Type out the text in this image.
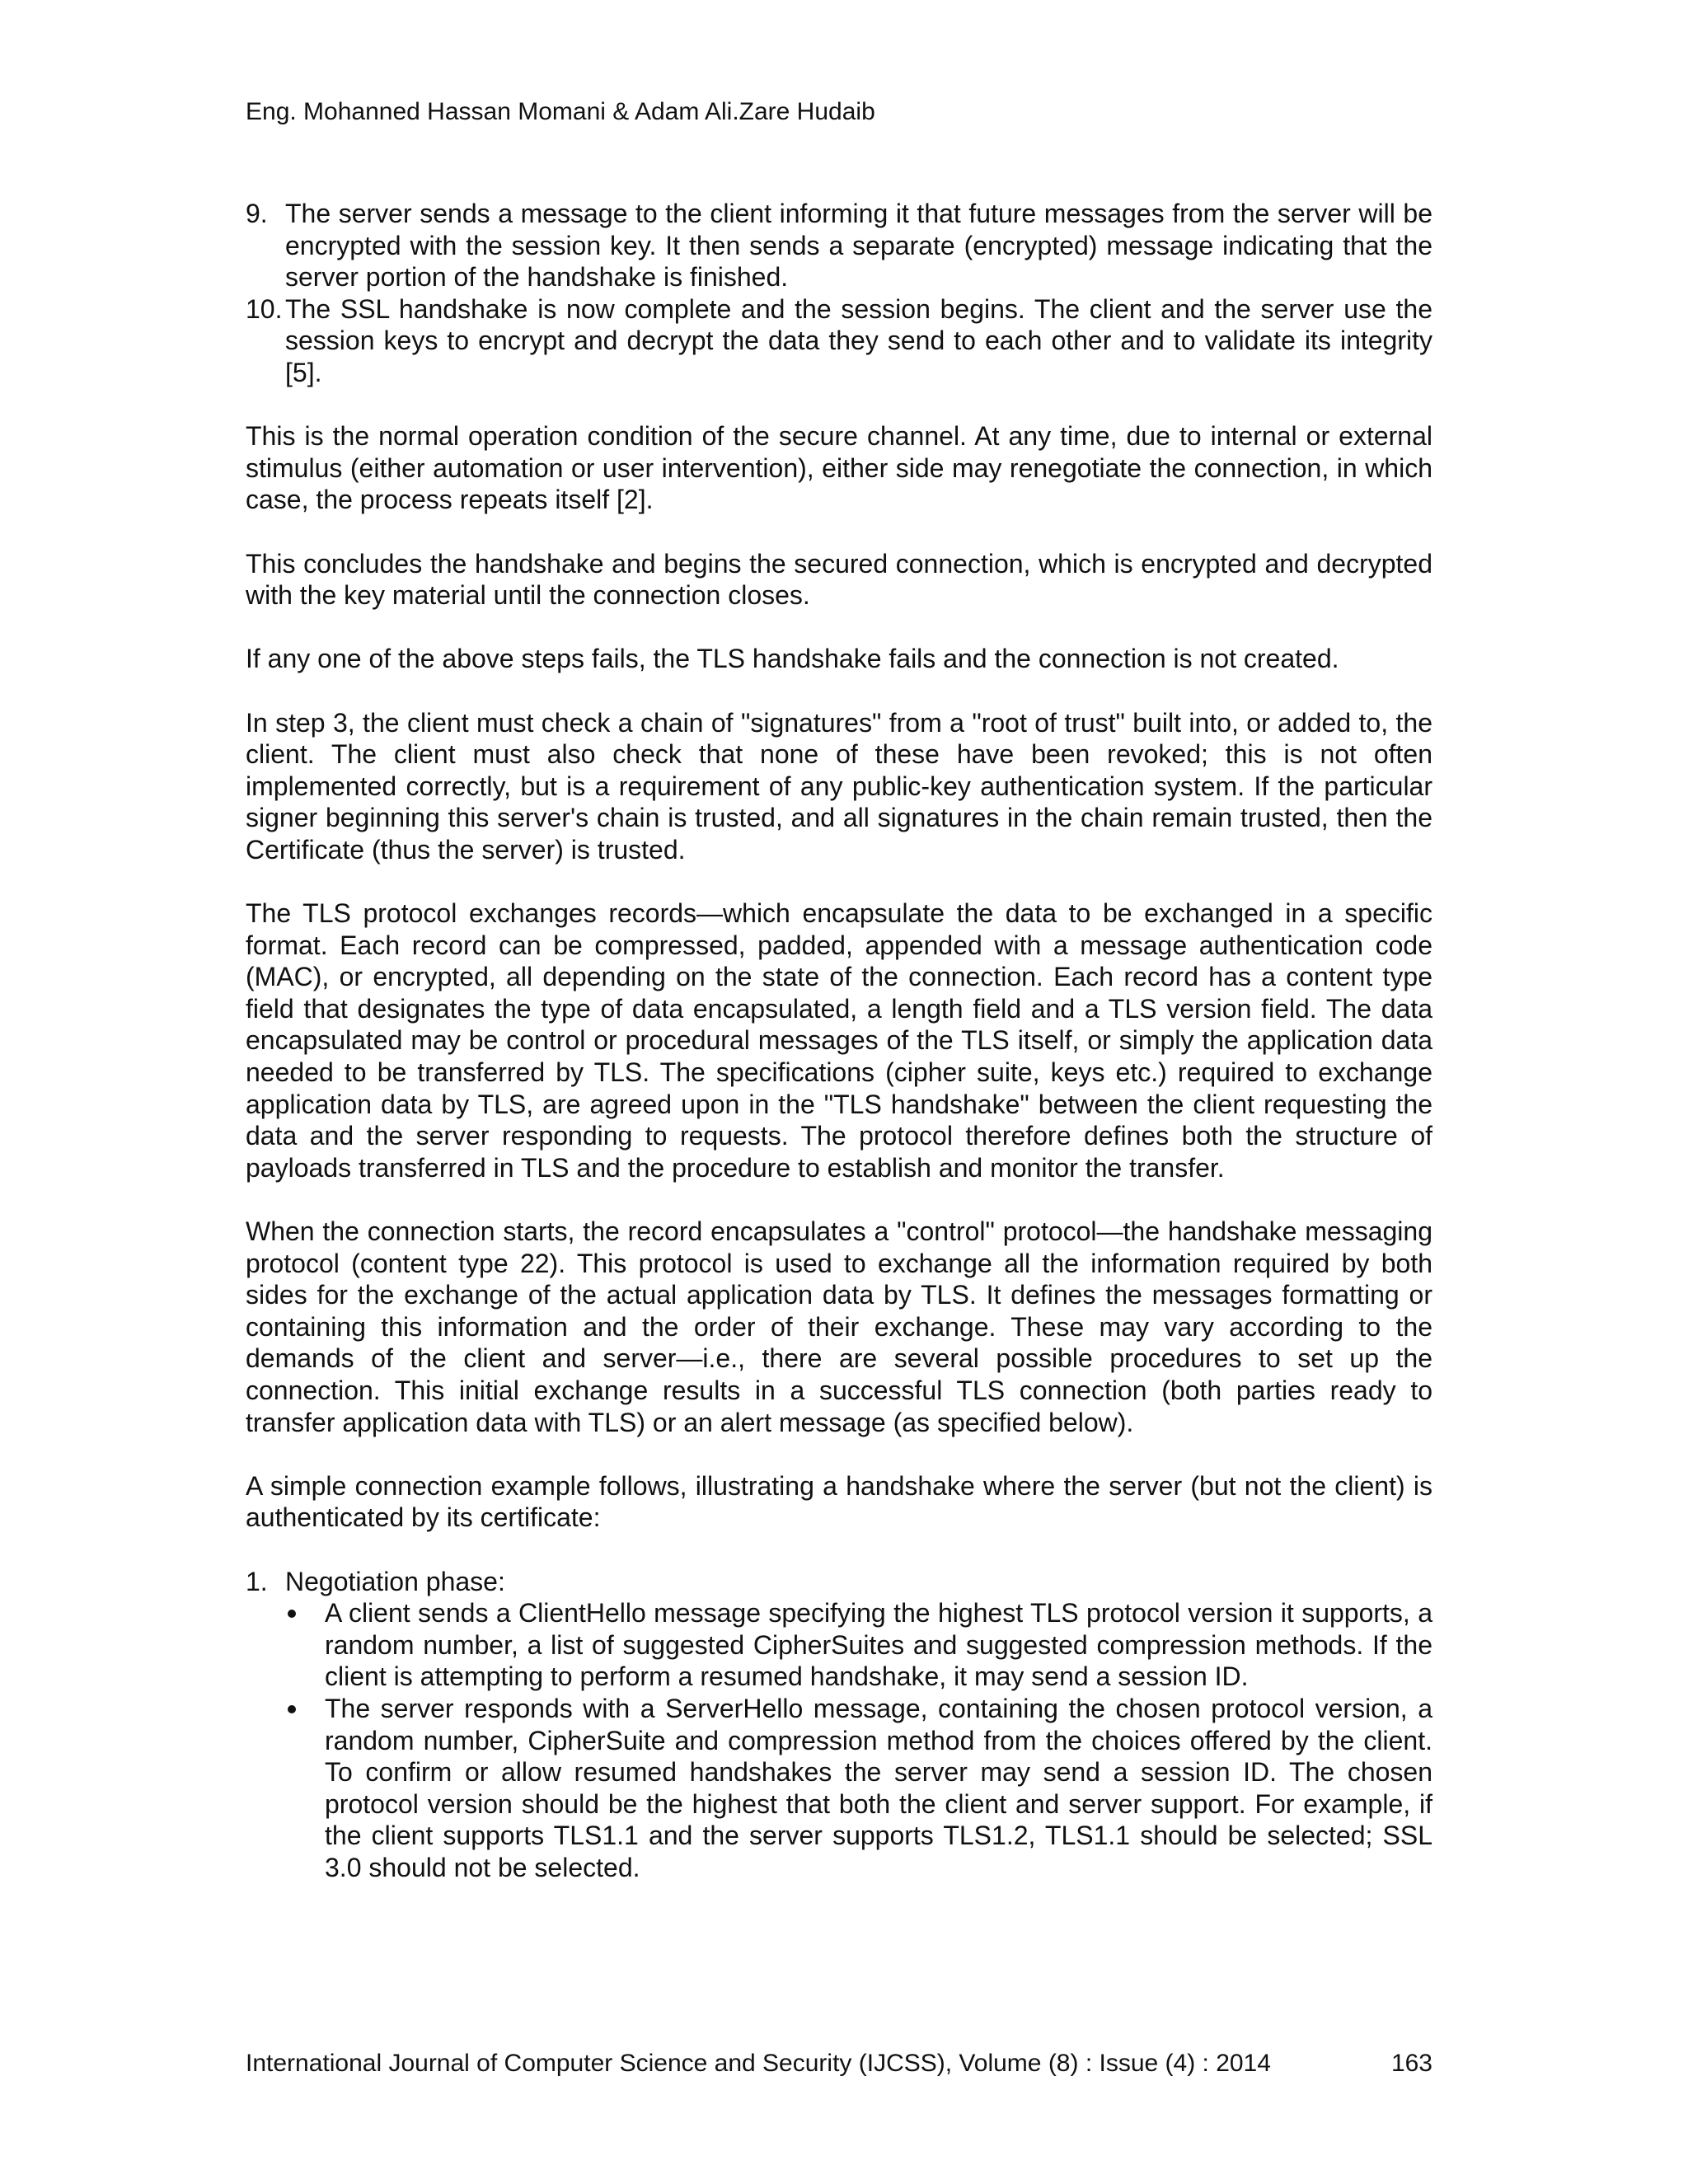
Eng. Mohanned Hassan Momani & Adam Ali.Zare Hudaib
9. The server sends a message to the client informing it that future messages from the server will be encrypted with the session key. It then sends a separate (encrypted) message indicating that the server portion of the handshake is finished.
10. The SSL handshake is now complete and the session begins. The client and the server use the session keys to encrypt and decrypt the data they send to each other and to validate its integrity [5].

This is the normal operation condition of the secure channel. At any time, due to internal or external stimulus (either automation or user intervention), either side may renegotiate the connection, in which case, the process repeats itself [2].

This concludes the handshake and begins the secured connection, which is encrypted and decrypted with the key material until the connection closes.

If any one of the above steps fails, the TLS handshake fails and the connection is not created.

In step 3, the client must check a chain of "signatures" from a "root of trust" built into, or added to, the client. The client must also check that none of these have been revoked; this is not often implemented correctly, but is a requirement of any public-key authentication system. If the particular signer beginning this server's chain is trusted, and all signatures in the chain remain trusted, then the Certificate (thus the server) is trusted.

The TLS protocol exchanges records—which encapsulate the data to be exchanged in a specific format. Each record can be compressed, padded, appended with a message authentication code (MAC), or encrypted, all depending on the state of the connection. Each record has a content type field that designates the type of data encapsulated, a length field and a TLS version field. The data encapsulated may be control or procedural messages of the TLS itself, or simply the application data needed to be transferred by TLS. The specifications (cipher suite, keys etc.) required to exchange application data by TLS, are agreed upon in the "TLS handshake" between the client requesting the data and the server responding to requests. The protocol therefore defines both the structure of payloads transferred in TLS and the procedure to establish and monitor the transfer.

When the connection starts, the record encapsulates a "control" protocol—the handshake messaging protocol (content type 22). This protocol is used to exchange all the information required by both sides for the exchange of the actual application data by TLS. It defines the messages formatting or containing this information and the order of their exchange. These may vary according to the demands of the client and server—i.e., there are several possible procedures to set up the connection. This initial exchange results in a successful TLS connection (both parties ready to transfer application data with TLS) or an alert message (as specified below).

A simple connection example follows, illustrating a handshake where the server (but not the client) is authenticated by its certificate:

1. Negotiation phase:
A client sends a ClientHello message specifying the highest TLS protocol version it supports, a random number, a list of suggested CipherSuites and suggested compression methods. If the client is attempting to perform a resumed handshake, it may send a session ID.
The server responds with a ServerHello message, containing the chosen protocol version, a random number, CipherSuite and compression method from the choices offered by the client. To confirm or allow resumed handshakes the server may send a session ID. The chosen protocol version should be the highest that both the client and server support. For example, if the client supports TLS1.1 and the server supports TLS1.2, TLS1.1 should be selected; SSL 3.0 should not be selected.
International Journal of Computer Science and Security (IJCSS), Volume (8) : Issue (4) : 2014	163
